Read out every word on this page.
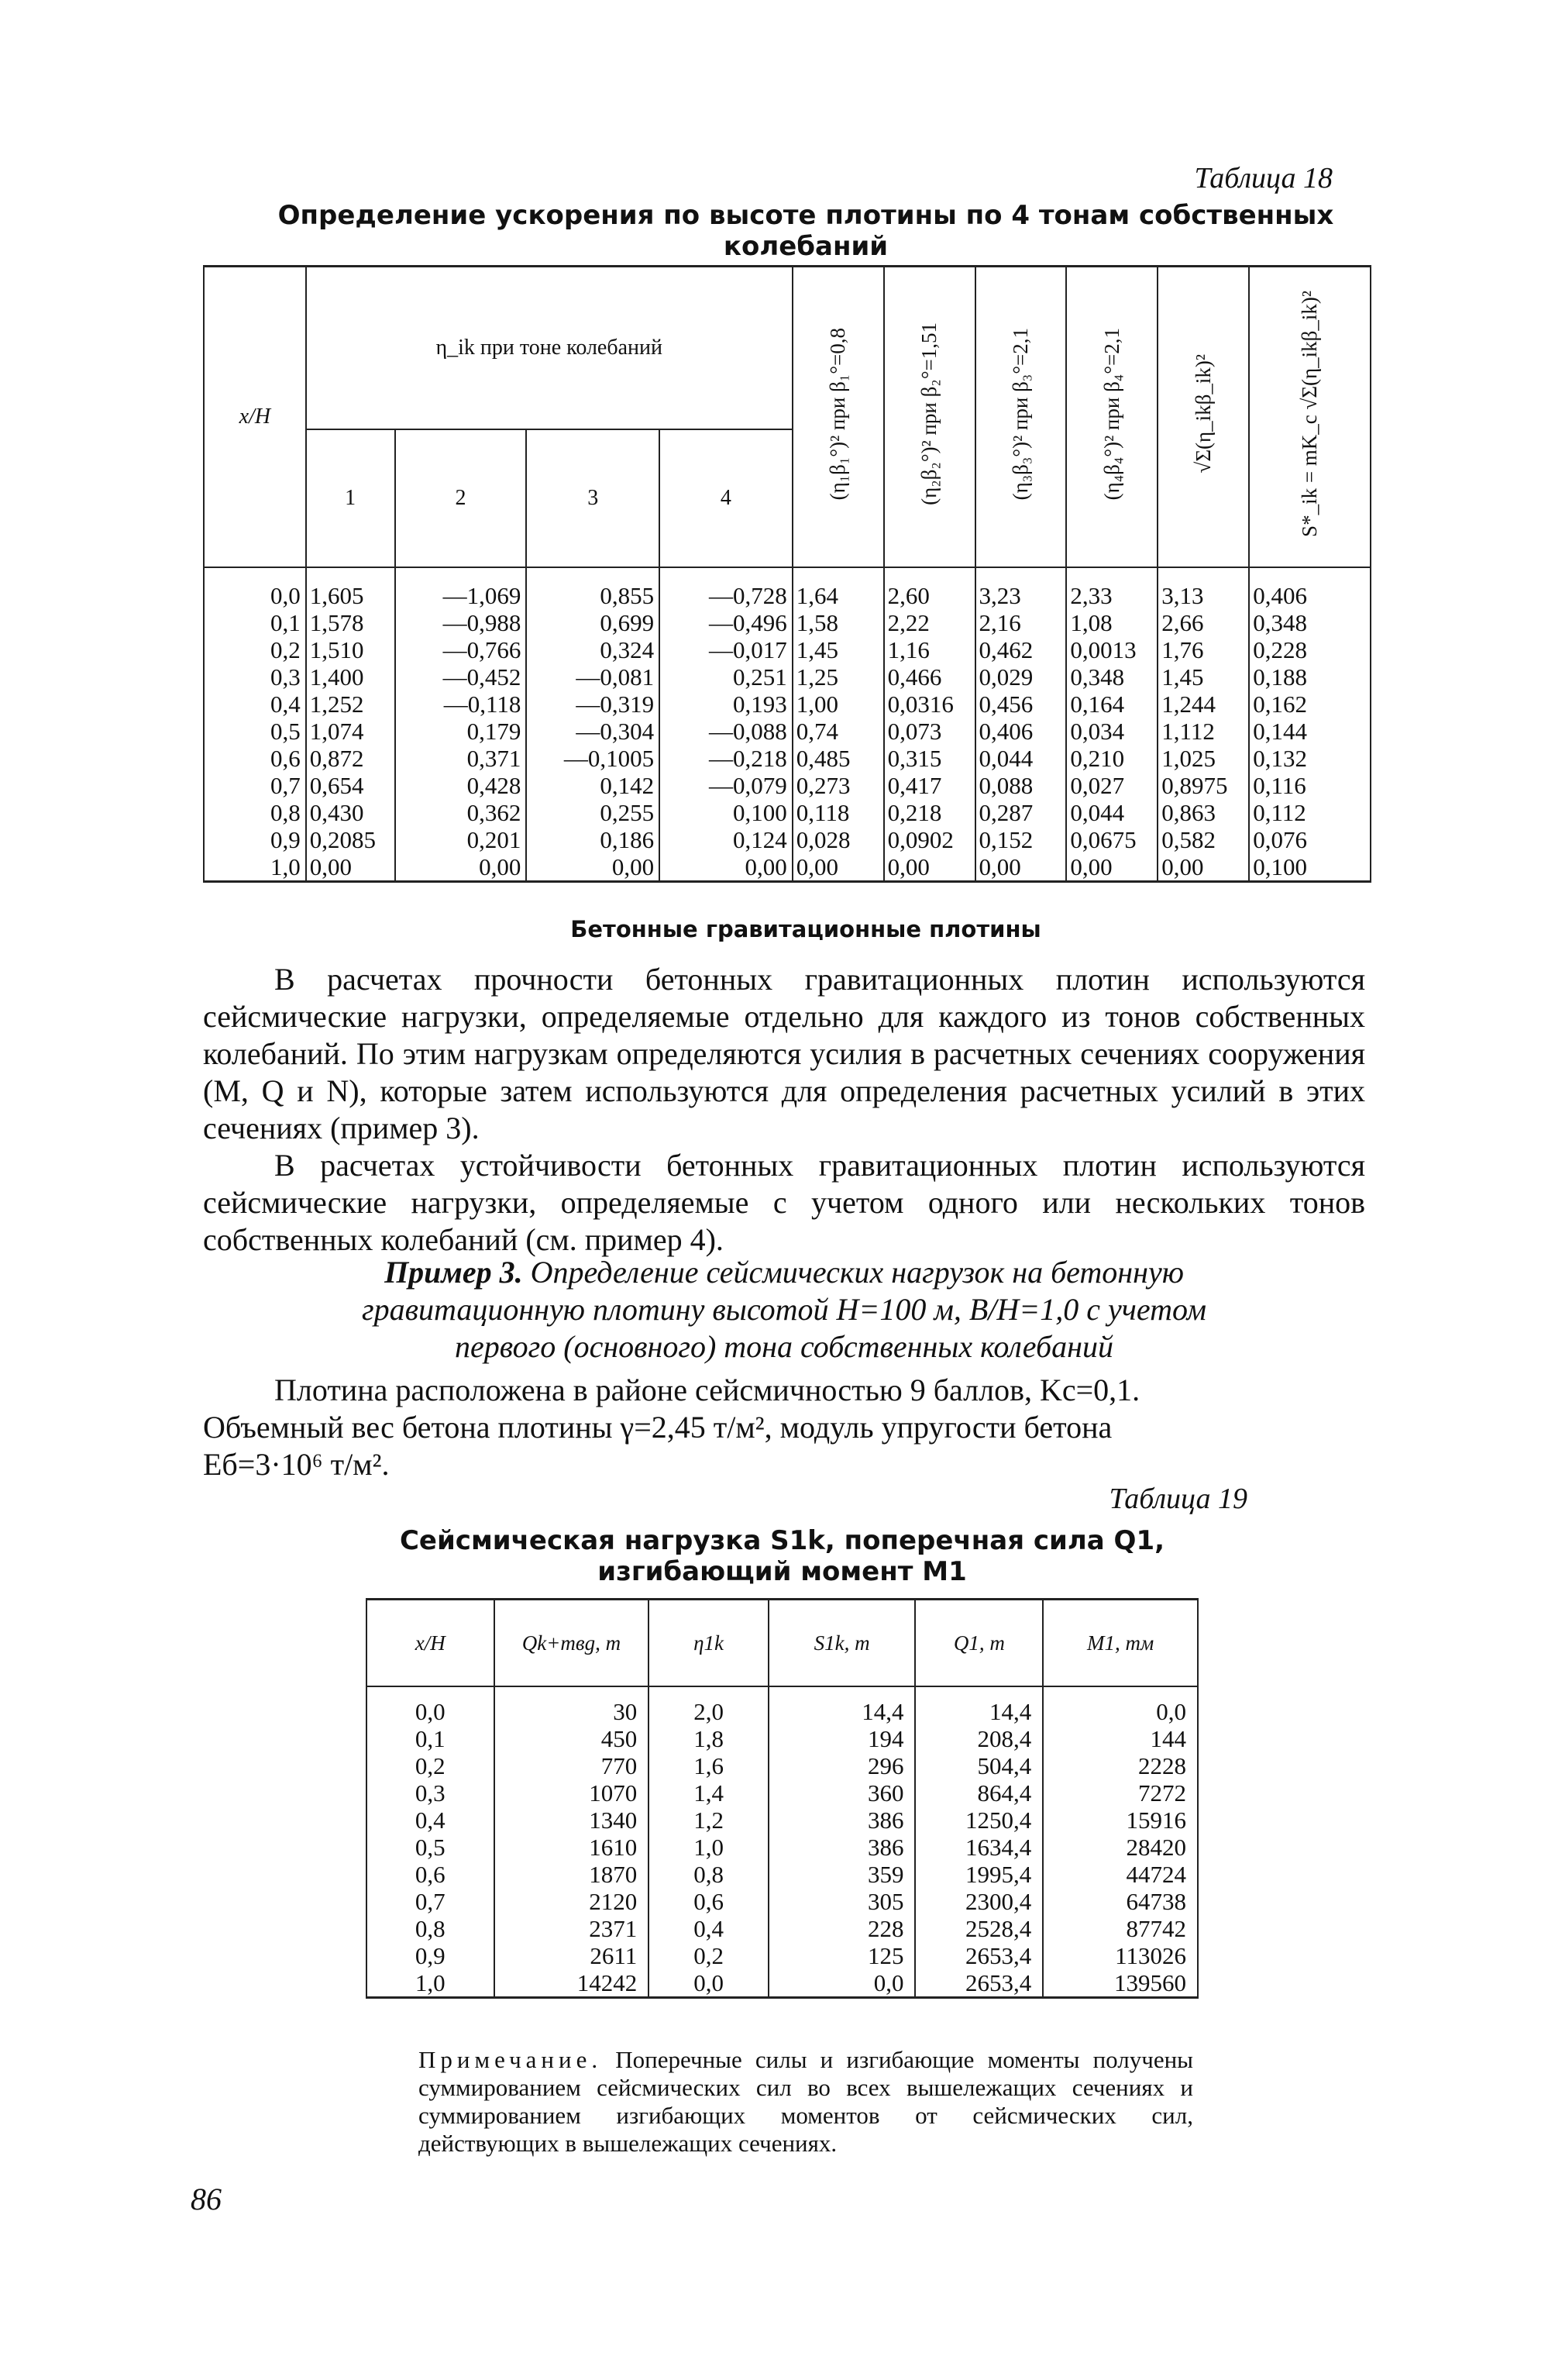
Таблица 18
Определение ускорения по высоте плотины по 4 тонам собственных
колебаний
x/H	η_ik при тоне колебаний				(η₁β₁°)² при β₁°=0,8	(η₂β₂°)² при β₂°=1,51	(η₃β₃°)² при β₃°=2,1	(η₄β₄°)² при β₄°=2,1	√Σ(η_ikβ_ik)²	S*_ik = mK_c √Σ(η_ikβ_ik)²
	1	2	3	4						
0,0	1,605	—1,069	0,855	—0,728	1,64	2,60	3,23	2,33	3,13	0,406
0,1	1,578	—0,988	0,699	—0,496	1,58	2,22	2,16	1,08	2,66	0,348
0,2	1,510	—0,766	0,324	—0,017	1,45	1,16	0,462	0,0013	1,76	0,228
0,3	1,400	—0,452	—0,081	0,251	1,25	0,466	0,029	0,348	1,45	0,188
0,4	1,252	—0,118	—0,319	0,193	1,00	0,0316	0,456	0,164	1,244	0,162
0,5	1,074	0,179	—0,304	—0,088	0,74	0,073	0,406	0,034	1,112	0,144
0,6	0,872	0,371	—0,1005	—0,218	0,485	0,315	0,044	0,210	1,025	0,132
0,7	0,654	0,428	0,142	—0,079	0,273	0,417	0,088	0,027	0,8975	0,116
0,8	0,430	0,362	0,255	0,100	0,118	0,218	0,287	0,044	0,863	0,112
0,9	0,2085	0,201	0,186	0,124	0,028	0,0902	0,152	0,0675	0,582	0,076
1,0	0,00	0,00	0,00	0,00	0,00	0,00	0,00	0,00	0,00	0,100
Бетонные гравитационные плотины
В расчетах прочности бетонных гравитационных плотин используются сейсмические нагрузки, определяемые отдельно для каждого из тонов собственных колебаний. По этим нагрузкам определяются усилия в расчетных сечениях сооружения (M, Q и N), которые затем используются для определения расчетных усилий в этих сечениях (пример 3).
В расчетах устойчивости бетонных гравитационных плотин используются сейсмические нагрузки, определяемые с учетом одного или нескольких тонов собственных колебаний (см. пример 4).
Пример 3. Определение сейсмических нагрузок на бетонную
гравитационную плотину высотой H=100 м, B/H=1,0 с учетом
первого (основного) тона собственных колебаний
Плотина расположена в районе сейсмичностью 9 баллов, Kс=0,1.
Объемный вес бетона плотины γ=2,45 т/м², модуль упругости бетона
Eб=3·10⁶ т/м².
Таблица 19
Сейсмическая нагрузка S1k, поперечная сила Q1,
изгибающий момент M1
x/H	Qk+mвg, т	η1k	S1k, т	Q1, т	M1, тм
0,0	30	2,0	14,4	14,4	0,0
0,1	450	1,8	194	208,4	144
0,2	770	1,6	296	504,4	2228
0,3	1070	1,4	360	864,4	7272
0,4	1340	1,2	386	1250,4	15916
0,5	1610	1,0	386	1634,4	28420
0,6	1870	0,8	359	1995,4	44724
0,7	2120	0,6	305	2300,4	64738
0,8	2371	0,4	228	2528,4	87742
0,9	2611	0,2	125	2653,4	113026
1,0	14242	0,0	0,0	2653,4	139560
Примечание. Поперечные силы и изгибающие моменты получены суммированием сейсмических сил во всех вышележащих сечениях и суммированием изгибающих моментов от сейсмических сил, действующих в вышележащих сечениях.
86
